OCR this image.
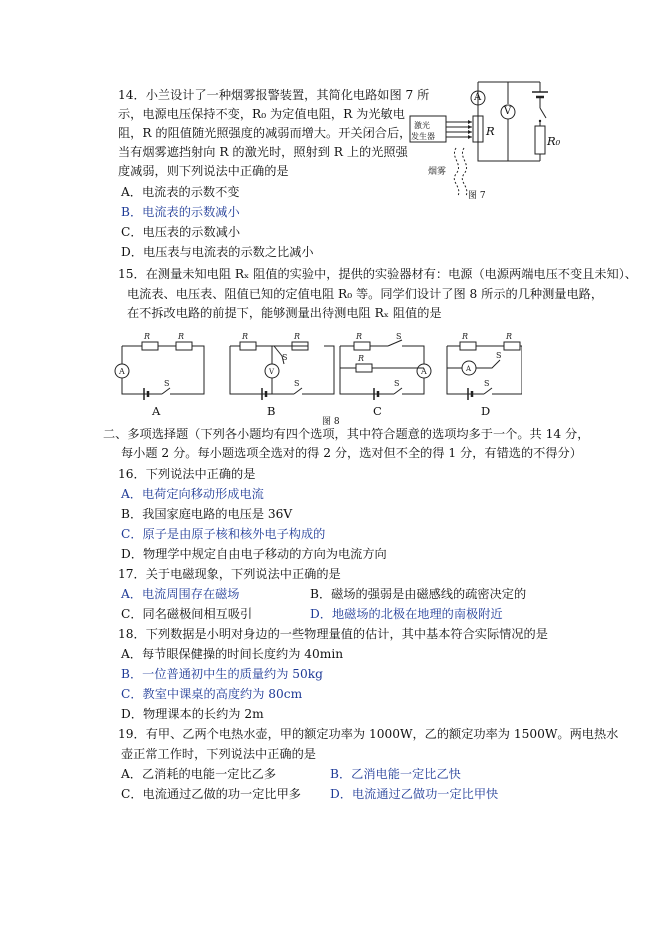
14．小兰设计了一种烟雾报警装置，其简化电路如图 7 所
示，电源电压保持不变，R₀ 为定值电阻，R 为光敏电
阻，R 的阻值随光照强度的减弱而增大。开关闭合后，
当有烟雾遮挡射向 R 的激光时，照射到 R 上的光照强
度减弱，则下列说法中正确的是
A．电流表的示数不变
B．电流表的示数减小
C．电压表的示数减小
D．电压表与电流表的示数之比减小
A
V
R
R₀
激光
发生器
烟雾
图 7
15．在测量未知电阻 Rₓ 阻值的实验中，提供的实验器材有：电源（电源两端电压不变且未知）、
电流表、电压表、阻值已知的定值电阻 R₀ 等。同学们设计了图 8 所示的几种测量电路，
在不拆改电路的前提下，能够测量出待测电阻 Rₓ 阻值的是
A	V	A	A
R	R	R	R	R	S
R
R	R
S	S
S	S	S	S
A	B	C	D
图 8
二、多项选择题（下列各小题均有四个选项，其中符合题意的选项均多于一个。共 14 分，
每小题 2 分。每小题选项全选对的得 2 分，选对但不全的得 1 分，有错选的不得分）
16．下列说法中正确的是
A．电荷定向移动形成电流
B．我国家庭电路的电压是 36V
C．原子是由原子核和核外电子构成的
D．物理学中规定自由电子移动的方向为电流方向
17．关于电磁现象，下列说法中正确的是
A．电流周围存在磁场	B．磁场的强弱是由磁感线的疏密决定的
C．同名磁极间相互吸引	D．地磁场的北极在地理的南极附近
18．下列数据是小明对身边的一些物理量值的估计，其中基本符合实际情况的是
A．每节眼保健操的时间长度约为 40min
B．一位普通初中生的质量约为 50kg
C．教室中课桌的高度约为 80cm
D．物理课本的长约为 2m
19．有甲、乙两个电热水壶，甲的额定功率为 1000W，乙的额定功率为 1500W。两电热水
壶正常工作时，下列说法中正确的是
A．乙消耗的电能一定比乙多	B．乙消电能一定比乙快
C．电流通过乙做的功一定比甲多 D．电流通过乙做功一定比甲快
